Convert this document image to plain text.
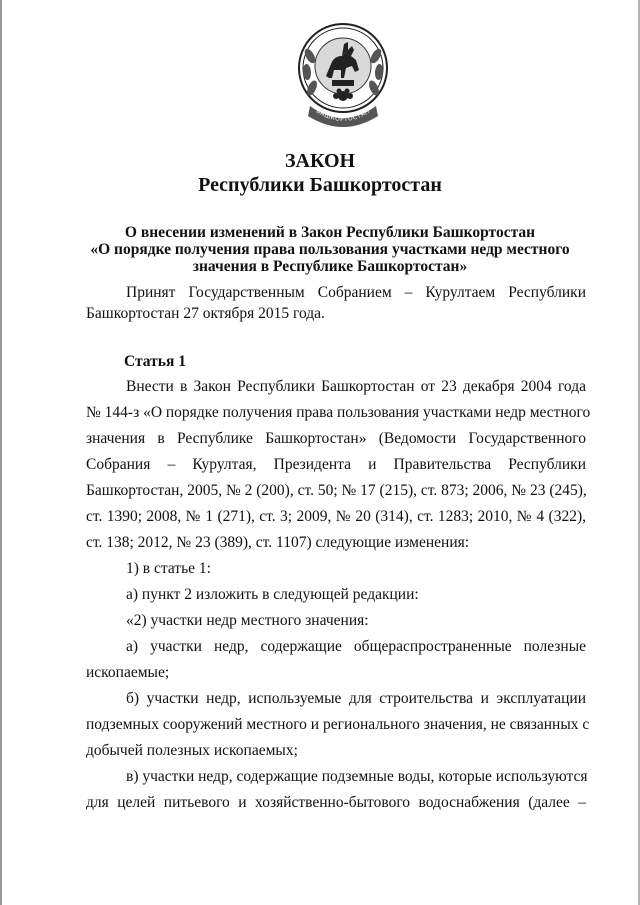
БАШКОРТОСТАН
ЗАКОН
Республики Башкортостан
О внесении изменений в Закон Республики Башкортостан
«О порядке получения права пользования участками недр местного
значения в Республике Башкортостан»
Принят Государственным Собранием – Курултаем Республики
Башкортостан 27 октября 2015 года.
Статья 1
Внести в Закон Республики Башкортостан от 23 декабря 2004 года
№ 144-з «О порядке получения права пользования участками недр местного
значения в Республике Башкортостан» (Ведомости Государственного
Собрания – Курултая, Президента и Правительства Республики
Башкортостан, 2005, № 2 (200), ст. 50; № 17 (215), ст. 873; 2006, № 23 (245),
ст. 1390; 2008, № 1 (271), ст. 3; 2009, № 20 (314), ст. 1283; 2010, № 4 (322),
ст. 138; 2012, № 23 (389), ст. 1107) следующие изменения:
1) в статье 1:
а) пункт 2 изложить в следующей редакции:
«2) участки недр местного значения:
а) участки недр, содержащие общераспространенные полезные
ископаемые;
б) участки недр, используемые для строительства и эксплуатации
подземных сооружений местного и регионального значения, не связанных с
добычей полезных ископаемых;
в) участки недр, содержащие подземные воды, которые используются
для целей питьевого и хозяйственно-бытового водоснабжения (далее –
